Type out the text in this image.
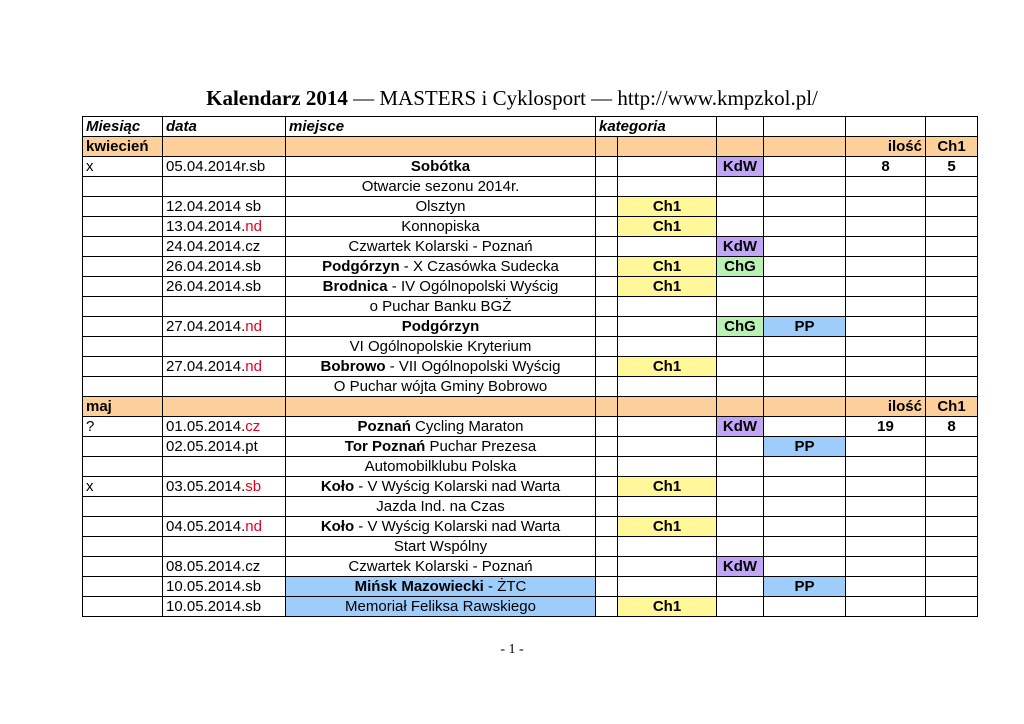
Kalendarz 2014 — MASTERS i Cyklosport — http://www.kmpzkol.pl/
Miesiąc	data	miejsce	kategoria					
kwiecień							ilość	Ch1
x	05.04.2014r.sb	Sobótka			KdW		8	5
		Otwarcie sezonu 2014r.						
	12.04.2014 sb	Olsztyn		Ch1				
	13.04.2014.nd	Konnopiska		Ch1				
	24.04.2014.cz	Czwartek Kolarski - Poznań			KdW			
	26.04.2014.sb	Podgórzyn - X Czasówka Sudecka		Ch1	ChG			
	26.04.2014.sb	Brodnica - IV Ogólnopolski Wyścig		Ch1				
		o Puchar Banku BGŻ						
	27.04.2014.nd	Podgórzyn			ChG	PP		
		VI Ogólnopolskie Kryterium						
	27.04.2014.nd	Bobrowo - VII Ogólnopolski Wyścig		Ch1				
		O Puchar wójta Gminy Bobrowo						
maj							ilość	Ch1
?	01.05.2014.cz	Poznań Cycling Maraton			KdW		19	8
	02.05.2014.pt	Tor Poznań Puchar Prezesa				PP		
		Automobilklubu Polska						
x	03.05.2014.sb	Koło - V Wyścig Kolarski nad Warta		Ch1				
		Jazda Ind. na Czas						
	04.05.2014.nd	Koło - V Wyścig Kolarski nad Warta		Ch1				
		Start Wspólny						
	08.05.2014.cz	Czwartek Kolarski - Poznań			KdW			
	10.05.2014.sb	Mińsk Mazowiecki - ŻTC				PP		
	10.05.2014.sb	Memoriał Feliksa Rawskiego		Ch1				
- 1 -
